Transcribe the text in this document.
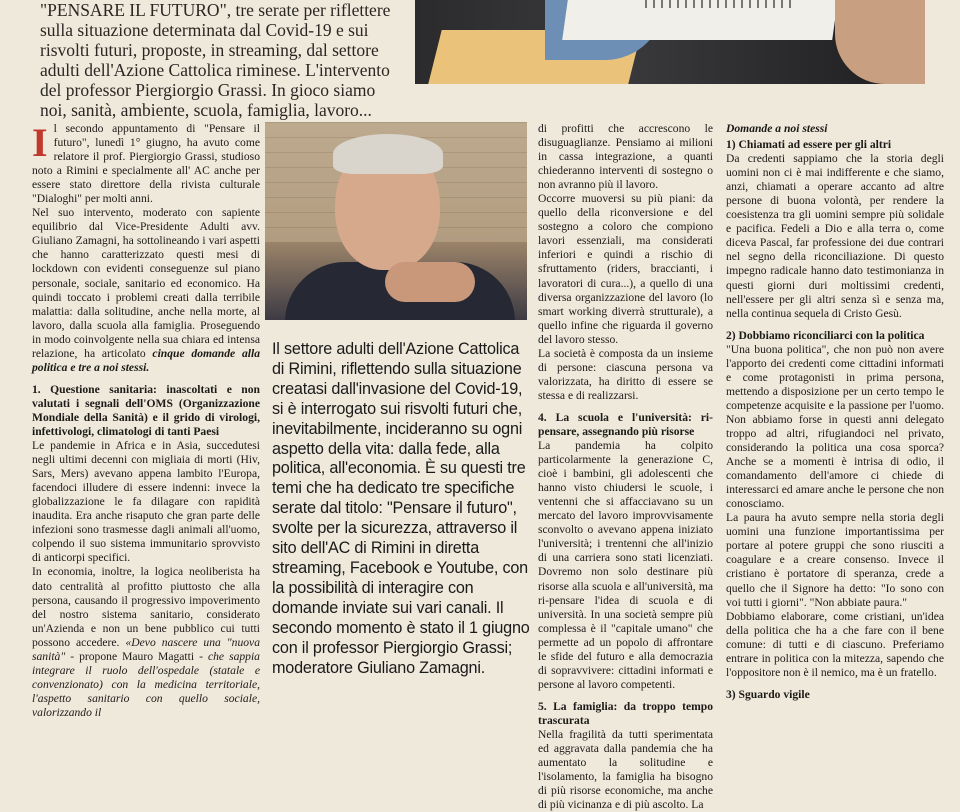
"PENSARE IL FUTURO", tre serate per riflettere sulla situazione determinata dal Covid-19 e sui risvolti futuri, proposte, in streaming, dal settore adulti dell'Azione Cattolica riminese. L'intervento del professor Piergiorgio Grassi. In gioco siamo noi, sanità, ambiente, scuola, famiglia, lavoro...

I l secondo appuntamento di "Pensare il futuro", lunedì 1° giugno, ha avuto come relatore il prof. Piergiorgio Grassi, studioso noto a Rimini e specialmente all' AC anche per essere stato direttore della rivista culturale "Dialoghi" per molti anni.

Nel suo intervento, moderato con sapiente equilibrio dal Vice-Presidente Adulti avv. Giuliano Zamagni, ha sottolineando i vari aspetti che hanno caratterizzato questi mesi di lockdown con evidenti conseguenze sul piano personale, sociale, sanitario ed economico. Ha quindi toccato i problemi creati dalla terribile malattia: dalla solitudine, anche nella morte, al lavoro, dalla scuola alla famiglia. Proseguendo in modo coinvolgente nella sua chiara ed intensa relazione, ha articolato cinque domande alla politica e tre a noi stessi.

1. Questione sanitaria: inascoltati e non valutati i segnali dell'OMS (Organizzazione Mondiale della Sanità) e il grido di virologi, infettivologi, climatologi di tanti Paesi

Le pandemie in Africa e in Asia, succedutesi negli ultimi decenni con migliaia di morti (Hiv, Sars, Mers) avevano appena lambito l'Europa, facendoci illudere di essere indenni: invece la globalizzazione le fa dilagare con rapidità inaudita. Era anche risaputo che gran parte delle infezioni sono trasmesse dagli animali all'uomo, colpendo il suo sistema immunitario sprovvisto di anticorpi specifici.

In economia, inoltre, la logica neoliberista ha dato centralità al profitto piuttosto che alla persona, causando il progressivo impoverimento del nostro sistema sanitario, considerato un'Azienda e non un bene pubblico cui tutti possono accedere. «Devo nascere una "nuova sanità" - propone Mauro Magatti - che sappia integrare il ruolo dell'ospedale (statale e convenzionato) con la medicina territoriale, l'aspetto sanitario con quello sociale, valorizzando il

Il settore adulti dell'Azione Cattolica di Rimini, riflettendo sulla situazione creatasi dall'invasione del Covid-19, si è interrogato sui risvolti futuri che, inevitabilmente, incideranno su ogni aspetto della vita: dalla fede, alla politica, all'economia. È su questi tre temi che ha dedicato tre specifiche serate dal titolo: "Pensare il futuro", svolte per la sicurezza, attraverso il sito dell'AC di Rimini in diretta streaming, Facebook e Youtube, con la possibilità di interagire con domande inviate sui vari canali. Il secondo momento è stato il 1 giugno con il professor Piergiorgio Grassi; moderatore Giuliano Zamagni.

di profitti che accrescono le disuguaglianze. Pensiamo ai milioni in cassa integrazione, a quanti chiederanno interventi di sostegno o non avranno più il lavoro.

Occorre muoversi su più piani: da quello della riconversione e del sostegno a coloro che compiono lavori essenziali, ma considerati inferiori e quindi a rischio di sfruttamento (riders, braccianti, i lavoratori di cura...), a quello di una diversa organizzazione del lavoro (lo smart working diverrà strutturale), a quello infine che riguarda il governo del lavoro stesso.

La società è composta da un insieme di persone: ciascuna persona va valorizzata, ha diritto di essere se stessa e di realizzarsi.

4. La scuola e l'università: ri-pensare, assegnando più risorse

La pandemia ha colpito particolarmente la generazione C, cioè i bambini, gli adolescenti che hanno visto chiudersi le scuole, i ventenni che si affacciavano su un mercato del lavoro improvvisamente sconvolto o avevano appena iniziato l'università; i trentenni che all'inizio di una carriera sono stati licenziati. Dovremo non solo destinare più risorse alla scuola e all'università, ma ri-pensare l'idea di scuola e di università. In una società sempre più complessa è il "capitale umano" che permette ad un popolo di affrontare le sfide del futuro e alla democrazia di sopravvivere: cittadini informati e persone al lavoro competenti.

5. La famiglia: da troppo tempo trascurata

Nella fragilità da tutti sperimentata ed aggravata dalla pandemia che ha aumentato la solitudine e l'isolamento, la famiglia ha bisogno di più risorse economiche, ma anche di più vicinanza e di più ascolto. La

Domande a noi stessi

1) Chiamati ad essere per gli altri

Da credenti sappiamo che la storia degli uomini non ci è mai indifferente e che siamo, anzi, chiamati a operare accanto ad altre persone di buona volontà, per rendere la coesistenza tra gli uomini sempre più solidale e pacifica. Fedeli a Dio e alla terra o, come diceva Pascal, far professione dei due contrari nel segno della riconciliazione. Di questo impegno radicale hanno dato testimonianza in questi giorni duri moltissimi credenti, nell'essere per gli altri senza sì e senza ma, nella continua sequela di Cristo Gesù.

2) Dobbiamo riconciliarci con la politica

"Una buona politica", che non può non avere l'apporto dei credenti come cittadini informati e come protagonisti in prima persona, mettendo a disposizione per un certo tempo le competenze acquisite e la passione per l'uomo. Non abbiamo forse in questi anni delegato troppo ad altri, rifugiandoci nel privato, considerando la politica una cosa sporca? Anche se a momenti è intrisa di odio, il comandamento dell'amore ci chiede di interessarci ed amare anche le persone che non conosciamo.

La paura ha avuto sempre nella storia degli uomini una funzione importantissima per portare al potere gruppi che sono riusciti a coagulare e a creare consenso. Invece il cristiano è portatore di speranza, crede a quello che il Signore ha detto: "Io sono con voi tutti i giorni". "Non abbiate paura."

Dobbiamo elaborare, come cristiani, un'idea della politica che ha a che fare con il bene comune: di tutti e di ciascuno. Preferiamo entrare in politica con la mitezza, sapendo che l'oppositore non è il nemico, ma è un fratello.

3) Sguardo vigile
